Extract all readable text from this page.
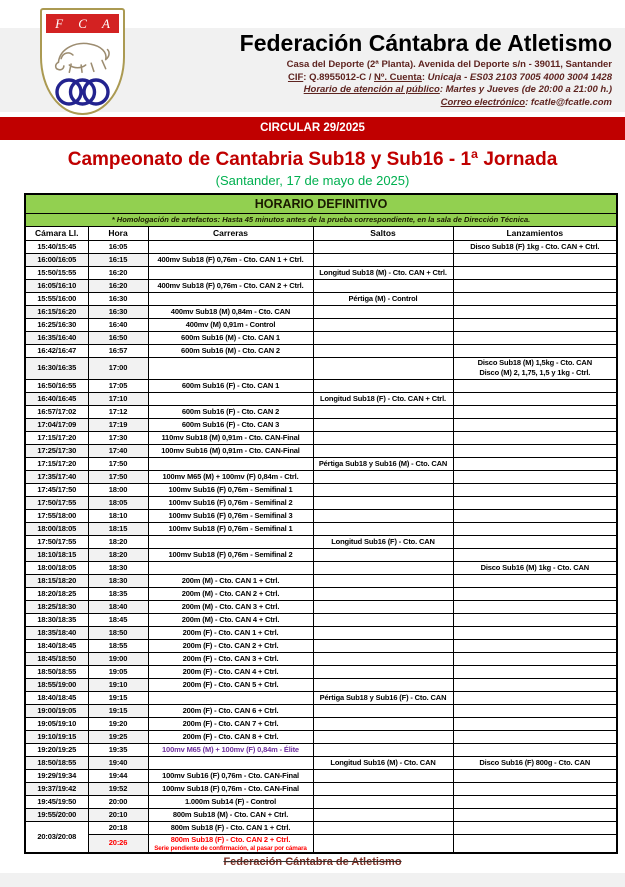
Federación Cántabra de Atletismo
Casa del Deporte (2ª Planta). Avenida del Deporte s/n - 39011, Santander
CIF: Q.8955012-C / Nº. Cuenta: Unicaja - ES03 2103 7005 4000 3004 1428
Horario de atención al público: Martes y Jueves (de 20:00 a 21:00 h.)
Correo electrónico: fcatle@fcatle.com
F C A
CIRCULAR 29/2025
Campeonato de Cantabria Sub18 y Sub16 - 1ª Jornada
(Santander, 17 de mayo de 2025)
HORARIO DEFINITIVO				
* Homologación de artefactos: Hasta 45 minutos antes de la prueba correspondiente, en la sala de Dirección Técnica.				
Cámara Ll.	Hora	Carreras	Saltos	Lanzamientos
15:40/15:45	16:05			Disco Sub18 (F) 1kg - Cto. CAN + Ctrl.
16:00/16:05	16:15	400mv Sub18 (F) 0,76m - Cto. CAN 1 + Ctrl.		
15:50/15:55	16:20		Longitud Sub18 (M) - Cto. CAN + Ctrl.	
16:05/16:10	16:20	400mv Sub18 (F) 0,76m - Cto. CAN 2 + Ctrl.		
15:55/16:00	16:30		Pértiga (M) - Control	
16:15/16:20	16:30	400mv Sub18 (M) 0,84m - Cto. CAN		
16:25/16:30	16:40	400mv (M) 0,91m - Control		
16:35/16:40	16:50	600m Sub16 (M) - Cto. CAN 1		
16:42/16:47	16:57	600m Sub16 (M) - Cto. CAN 2		
16:30/16:35	17:00			Disco Sub18 (M) 1,5kg - Cto. CAN
Disco (M) 2, 1,75, 1,5 y 1kg - Ctrl.

16:50/16:55	17:05	600m Sub16 (F) - Cto. CAN 1		
16:40/16:45	17:10		Longitud Sub18 (F) - Cto. CAN + Ctrl.	
16:57/17:02	17:12	600m Sub16 (F) - Cto. CAN 2		
17:04/17:09	17:19	600m Sub16 (F) - Cto. CAN 3		
17:15/17:20	17:30	110mv Sub18 (M) 0,91m - Cto. CAN-Final		
17:25/17:30	17:40	100mv Sub16 (M) 0,91m - Cto. CAN-Final		
17:15/17:20	17:50		Pértiga Sub18 y Sub16 (M) - Cto. CAN	
17:35/17:40	17:50	100mv M65 (M) + 100mv (F) 0,84m - Ctrl.		
17:45/17:50	18:00	100mv Sub16 (F) 0,76m - Semifinal 1		
17:50/17:55	18:05	100mv Sub16 (F) 0,76m - Semifinal 2		
17:55/18:00	18:10	100mv Sub16 (F) 0,76m - Semifinal 3		
18:00/18:05	18:15	100mv Sub18 (F) 0,76m - Semifinal 1		
17:50/17:55	18:20		Longitud Sub16 (F) - Cto. CAN	
18:10/18:15	18:20	100mv Sub18 (F) 0,76m - Semifinal 2		
18:00/18:05	18:30			Disco Sub16 (M) 1kg - Cto. CAN
18:15/18:20	18:30	200m (M) - Cto. CAN 1 + Ctrl.		
18:20/18:25	18:35	200m (M) - Cto. CAN 2 + Ctrl.		
18:25/18:30	18:40	200m (M) - Cto. CAN 3 + Ctrl.		
18:30/18:35	18:45	200m (M) - Cto. CAN 4 + Ctrl.		
18:35/18:40	18:50	200m (F) - Cto. CAN 1 + Ctrl.		
18:40/18:45	18:55	200m (F) - Cto. CAN 2 + Ctrl.		
18:45/18:50	19:00	200m (F) - Cto. CAN 3 + Ctrl.		
18:50/18:55	19:05	200m (F) - Cto. CAN 4 + Ctrl.		
18:55/19:00	19:10	200m (F) - Cto. CAN 5 + Ctrl.		
18:40/18:45	19:15		Pértiga Sub18 y Sub16 (F) - Cto. CAN	
19:00/19:05	19:15	200m (F) - Cto. CAN 6 + Ctrl.		
19:05/19:10	19:20	200m (F) - Cto. CAN 7 + Ctrl.		
19:10/19:15	19:25	200m (F) - Cto. CAN 8 + Ctrl.		
19:20/19:25	19:35	100mv M65 (M) + 100mv (F) 0,84m - Élite		
18:50/18:55	19:40		Longitud Sub16 (M) - Cto. CAN	Disco Sub16 (F) 800g - Cto. CAN
19:29/19:34	19:44	100mv Sub16 (F) 0,76m - Cto. CAN-Final		
19:37/19:42	19:52	100mv Sub18 (F) 0,76m - Cto. CAN-Final		
19:45/19:50	20:00	1.000m Sub14 (F) - Control		
19:55/20:00	20:10	800m Sub18 (M) - Cto. CAN + Ctrl.		
20:03/20:08	20:18	800m Sub18 (F) - Cto. CAN 1 + Ctrl.		
	20:26	800m Sub18 (F) - Cto. CAN 2 + Ctrl.
Serie pendiente de confirmación, al pasar por cámara		

Federación Cántabra de Atletismo
